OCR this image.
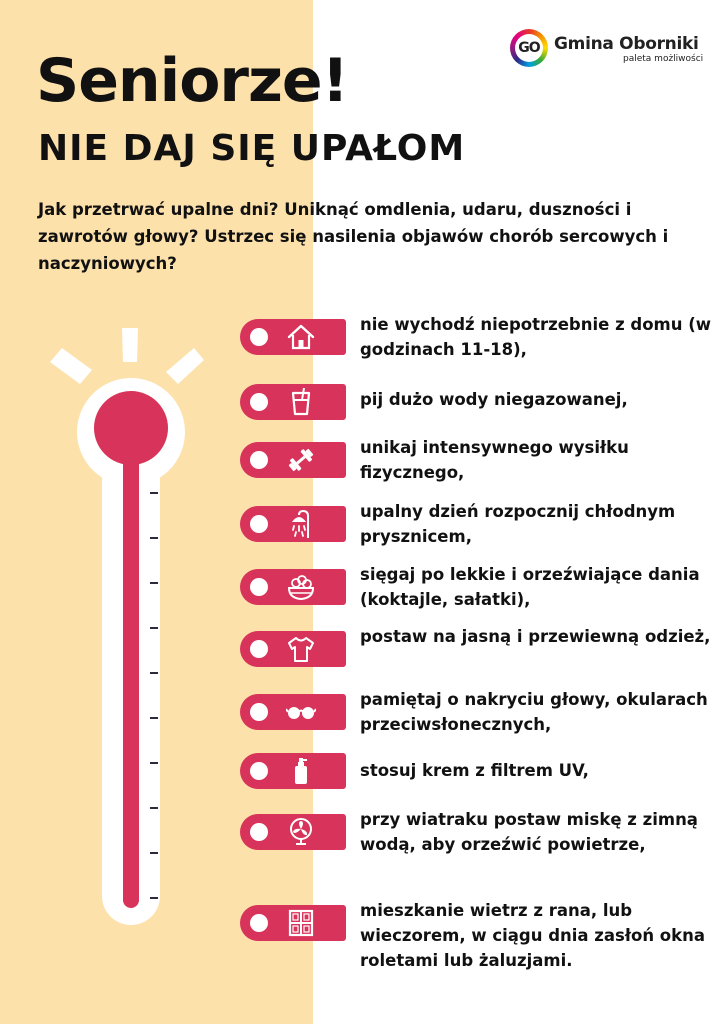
GO Gmina Oborniki
paleta możliwości
Seniorze!
NIE DAJ SIĘ UPAŁOM

Jak przetrwać upalne dni? Uniknąć omdlenia, udaru, duszności i zawrotów głowy? Ustrzec się nasilenia objawów chorób sercowych i naczyniowych?

nie wychodź niepotrzebnie z domu (w godzinach 11-18),

pij dużo wody niegazowanej,

unikaj intensywnego wysiłku fizycznego,

upalny dzień rozpocznij chłodnym prysznicem,

sięgaj po lekkie i orzeźwiające dania (koktajle, sałatki),

postaw na jasną i przewiewną odzież,

pamiętaj o nakryciu głowy, okularach przeciwsłonecznych,

stosuj krem z filtrem UV,

przy wiatraku postaw miskę z zimną wodą, aby orzeźwić powietrze,

mieszkanie wietrz z rana, lub wieczorem, w ciągu dnia zasłoń okna roletami lub żaluzjami.
